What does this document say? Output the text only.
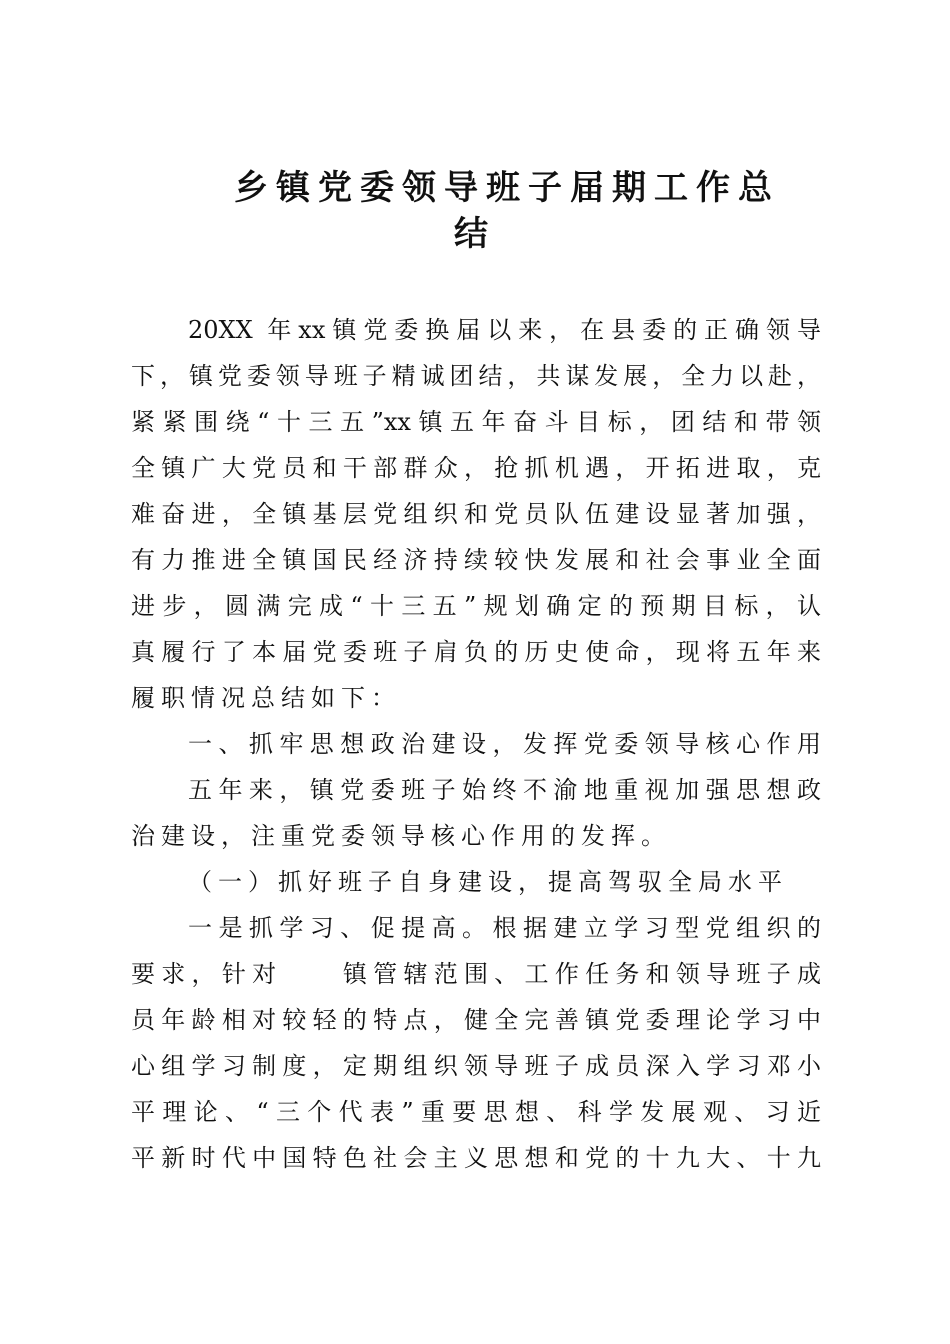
乡镇党委领导班子届期工作总
结
20XX 年xx镇党委换届以来，在县委的正确领导
下，镇党委领导班子精诚团结，共谋发展，全力以赴，
紧紧围绕“十三五”xx镇五年奋斗目标，团结和带领
全镇广大党员和干部群众，抢抓机遇，开拓进取，克
难奋进，全镇基层党组织和党员队伍建设显著加强，
有力推进全镇国民经济持续较快发展和社会事业全面
进步，圆满完成“十三五”规划确定的预期目标，认
真履行了本届党委班子肩负的历史使命，现将五年来
履职情况总结如下：
一、抓牢思想政治建设，发挥党委领导核心作用
五年来，镇党委班子始终不渝地重视加强思想政
治建设，注重党委领导核心作用的发挥。
（一）抓好班子自身建设，提高驾驭全局水平
一是抓学习、促提高。根据建立学习型党组织的
要求，针对　　镇管辖范围、工作任务和领导班子成
员年龄相对较轻的特点，健全完善镇党委理论学习中
心组学习制度，定期组织领导班子成员深入学习邓小
平理论、“三个代表”重要思想、科学发展观、习近
平新时代中国特色社会主义思想和党的十九大、十九
